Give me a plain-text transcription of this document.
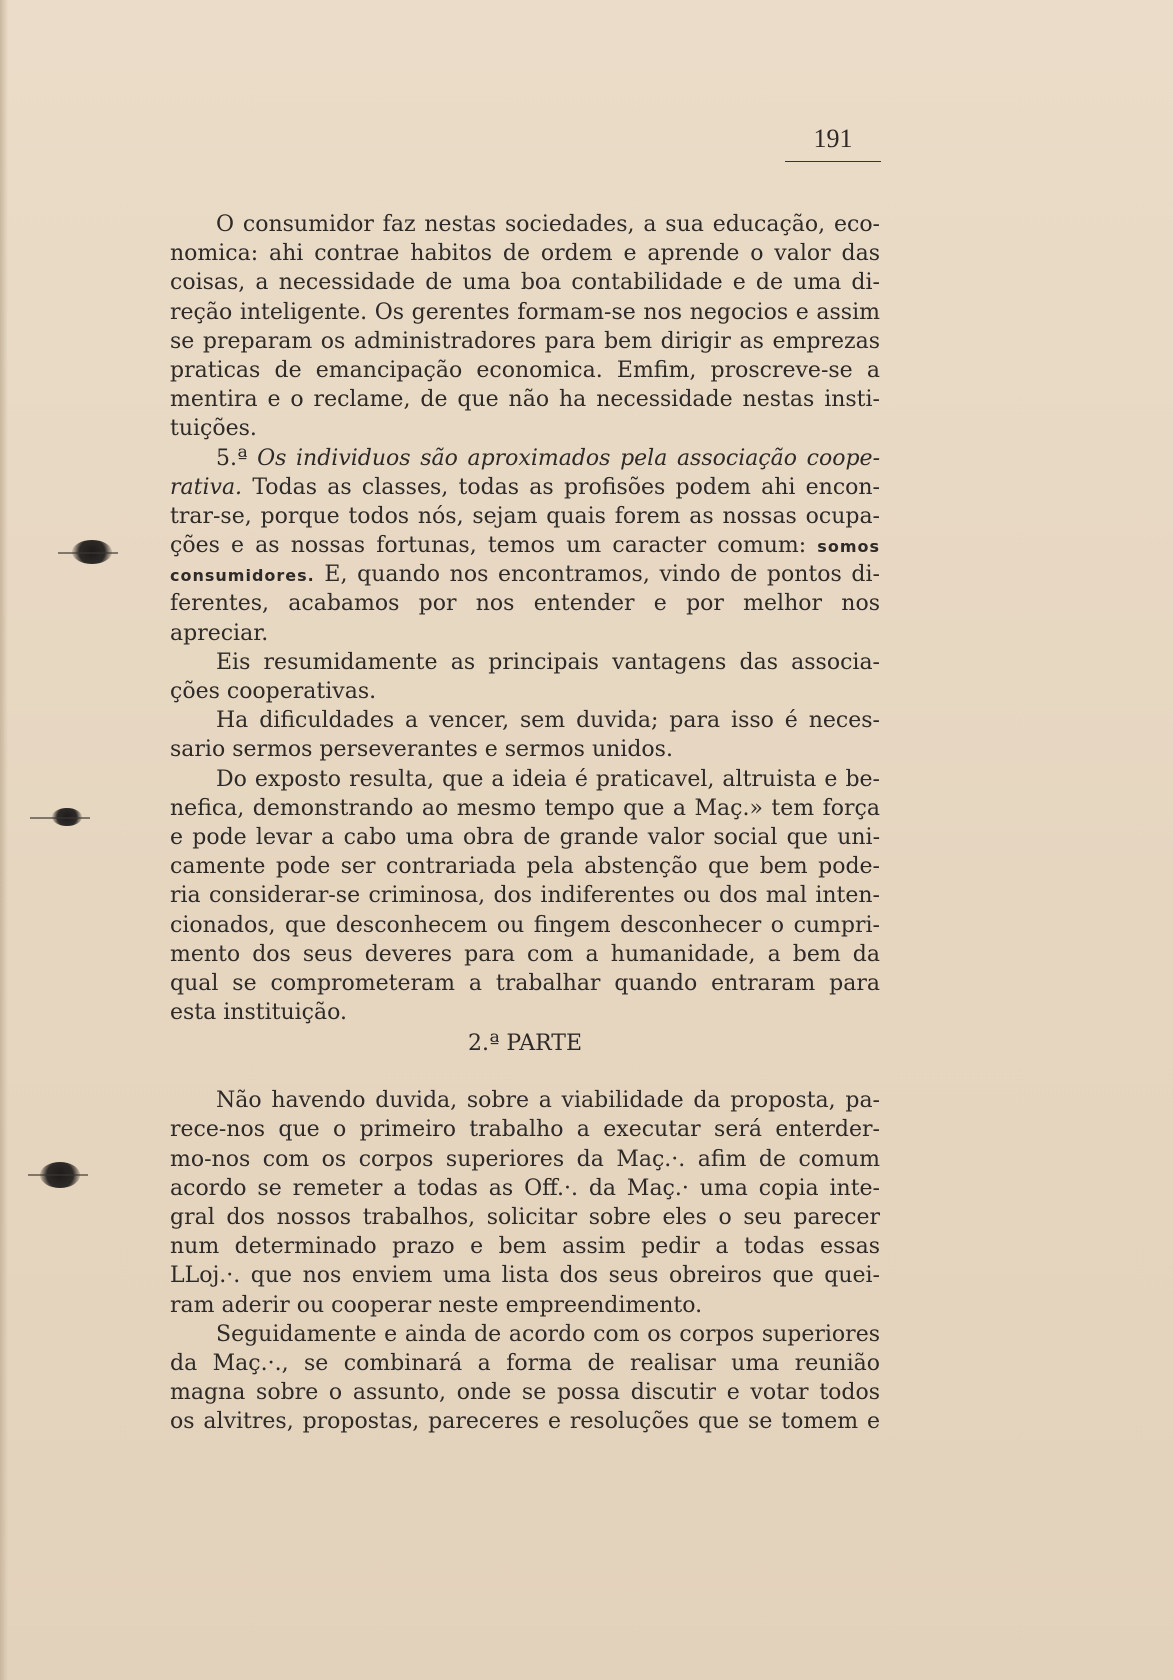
191
O consumidor faz nestas sociedades, a sua educação, eco-
nomica: ahi contrae habitos de ordem e aprende o valor das
coisas, a necessidade de uma boa contabilidade e de uma di-
reção inteligente. Os gerentes formam-se nos negocios e assim
se preparam os administradores para bem dirigir as emprezas
praticas de emancipação economica. Emfim, proscreve-se a
mentira e o reclame, de que não ha necessidade nestas insti-
tuições.
5.ª Os individuos são aproximados pela associação coope-
rativa. Todas as classes, todas as profisões podem ahi encon-
trar-se, porque todos nós, sejam quais forem as nossas ocupa-
ções e as nossas fortunas, temos um caracter comum: somos
consumidores. E, quando nos encontramos, vindo de pontos di-
ferentes, acabamos por nos entender e por melhor nos
apreciar.
Eis resumidamente as principais vantagens das associa-
ções cooperativas.
Ha dificuldades a vencer, sem duvida; para isso é neces-
sario sermos perseverantes e sermos unidos.
Do exposto resulta, que a ideia é praticavel, altruista e be-
nefica, demonstrando ao mesmo tempo que a Maç.» tem força
e pode levar a cabo uma obra de grande valor social que uni-
camente pode ser contrariada pela abstenção que bem pode-
ria considerar-se criminosa, dos indiferentes ou dos mal inten-
cionados, que desconhecem ou fingem desconhecer o cumpri-
mento dos seus deveres para com a humanidade, a bem da
qual se comprometeram a trabalhar quando entraram para
esta instituição.
2.ª PARTE
Não havendo duvida, sobre a viabilidade da proposta, pa-
rece-nos que o primeiro trabalho a executar será enterder-
mo-nos com os corpos superiores da Maç.·. afim de comum
acordo se remeter a todas as Off.·. da Maç.· uma copia inte-
gral dos nossos trabalhos, solicitar sobre eles o seu parecer
num determinado prazo e bem assim pedir a todas essas
LLoj.·. que nos enviem uma lista dos seus obreiros que quei-
ram aderir ou cooperar neste empreendimento.
Seguidamente e ainda de acordo com os corpos superiores
da Maç.·., se combinará a forma de realisar uma reunião
magna sobre o assunto, onde se possa discutir e votar todos
os alvitres, propostas, pareceres e resoluções que se tomem e
